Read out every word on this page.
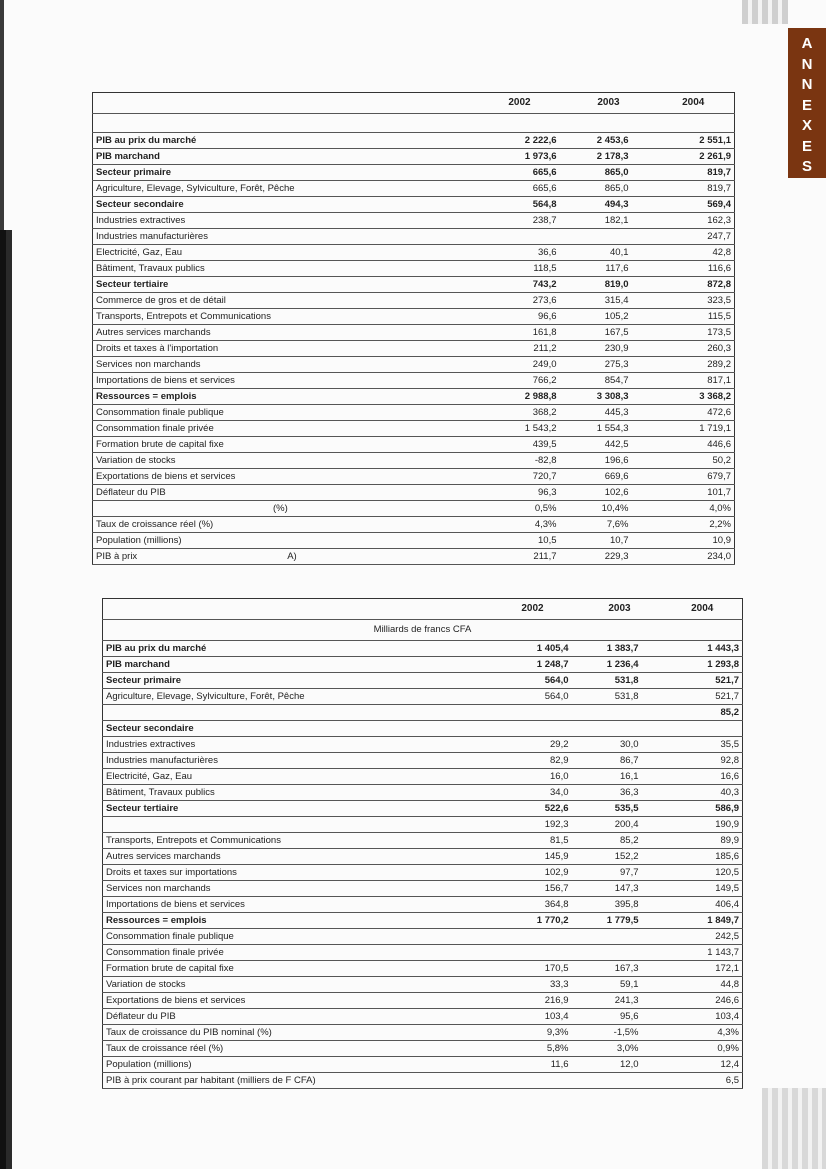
A
N
N
E
X
E
S
	2002	2003	2004

PIB au prix du marché	2 222,6	2 453,6	2 551,1
PIB marchand	1 973,6	2 178,3	2 261,9
Secteur primaire	665,6	865,0	819,7
Agriculture, Elevage, Sylviculture, Forêt, Pêche	665,6	865,0	819,7
Secteur secondaire	564,8	494,3	569,4
Industries extractives	238,7	182,1	162,3
Industries manufacturières			247,7
Electricité, Gaz, Eau	36,6	40,1	42,8
Bâtiment, Travaux publics	118,5	117,6	116,6
Secteur tertiaire	743,2	819,0	872,8
Commerce de gros et de détail	273,6	315,4	323,5
Transports, Entrepots et Communications	96,6	105,2	115,5
Autres services marchands	161,8	167,5	173,5
Droits et taxes à l'importation	211,2	230,9	260,3
Services non marchands	249,0	275,3	289,2
Importations de biens et services	766,2	854,7	817,1
Ressources = emplois	2 988,8	3 308,3	3 368,2
Consommation finale publique	368,2	445,3	472,6
Consommation finale privée	1 543,2	1 554,3	1 719,1
Formation brute de capital fixe	439,5	442,5	446,6
Variation de stocks	-82,8	196,6	50,2
Exportations de biens et services	720,7	669,6	679,7
Déflateur du PIB	96,3	102,6	101,7
(%)	0,5%	10,4%	4,0%
Taux de croissance réel (%)	4,3%	7,6%	2,2%
Population (millions)	10,5	10,7	10,9
PIB à prix A)	211,7	229,3	234,0
	2002	2003	2004
Milliards de francs CFA			
PIB au prix du marché	1 405,4	1 383,7	1 443,3
PIB marchand	1 248,7	1 236,4	1 293,8
Secteur primaire	564,0	531,8	521,7
Agriculture, Elevage, Sylviculture, Forêt, Pêche	564,0	531,8	521,7
			85,2
Secteur secondaire			
Industries extractives	29,2	30,0	35,5
Industries manufacturières	82,9	86,7	92,8
Electricité, Gaz, Eau	16,0	16,1	16,6
Bâtiment, Travaux publics	34,0	36,3	40,3
Secteur tertiaire	522,6	535,5	586,9
	192,3	200,4	190,9
Transports, Entrepots et Communications	81,5	85,2	89,9
Autres services marchands	145,9	152,2	185,6
Droits et taxes sur importations	102,9	97,7	120,5
Services non marchands	156,7	147,3	149,5
Importations de biens et services	364,8	395,8	406,4
Ressources = emplois	1 770,2	1 779,5	1 849,7
Consommation finale publique			242,5
Consommation finale privée			1 143,7
Formation brute de capital fixe	170,5	167,3	172,1
Variation de stocks	33,3	59,1	44,8
Exportations de biens et services	216,9	241,3	246,6
Déflateur du PIB	103,4	95,6	103,4
Taux de croissance du PIB nominal (%)	9,3%	-1,5%	4,3%
Taux de croissance réel (%)	5,8%	3,0%	0,9%
Population (millions)	11,6	12,0	12,4
PIB à prix courant par habitant (milliers de F CFA)			6,5
